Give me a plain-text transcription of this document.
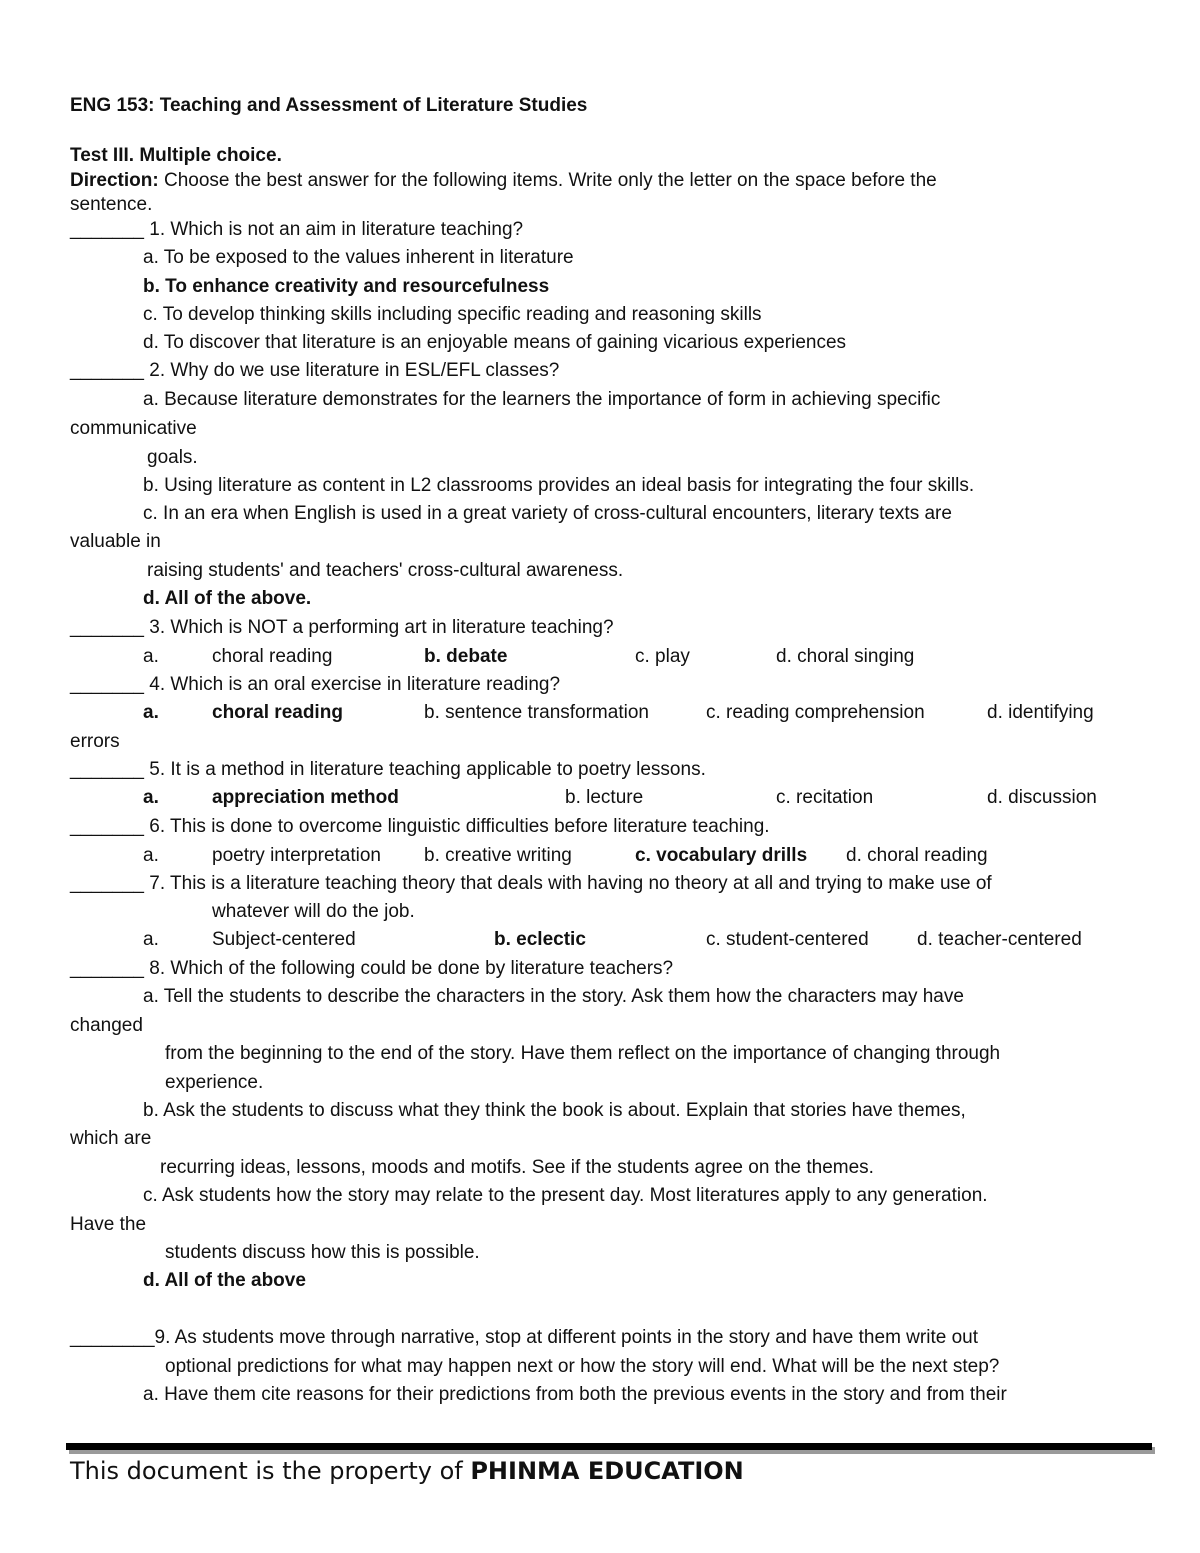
ENG 153: Teaching and Assessment of Literature Studies
Test III. Multiple choice.
Direction: Choose the best answer for the following items. Write only the letter on the space before the
sentence.
_______ 1. Which is not an aim in literature teaching?
a. To be exposed to the values inherent in literature
b. To enhance creativity and resourcefulness
c. To develop thinking skills including specific reading and reasoning skills
d. To discover that literature is an enjoyable means of gaining vicarious experiences
_______ 2. Why do we use literature in ESL/EFL classes?
a. Because literature demonstrates for the learners the importance of form in achieving specific
communicative
goals.
b. Using literature as content in L2 classrooms provides an ideal basis for integrating the four skills.
c. In an era when English is used in a great variety of cross-cultural encounters, literary texts are
valuable in
raising students' and teachers' cross-cultural awareness.
d. All of the above.
_______ 3. Which is NOT a performing art in literature teaching?
a.	choral reading	b. debate	c. play	d. choral singing
_______ 4. Which is an oral exercise in literature reading?
a.	choral reading	b. sentence transformation	c. reading comprehension	d. identifying
errors
_______ 5. It is a method in literature teaching applicable to poetry lessons.
a.	appreciation method	b. lecture	c. recitation	d. discussion
_______ 6. This is done to overcome linguistic difficulties before literature teaching.
a.	poetry interpretation b. creative writing	c. vocabulary drills d. choral reading
_______ 7. This is a literature teaching theory that deals with having no theory at all and trying to make use of
whatever will do the job.
a.	Subject-centered	b. eclectic	c. student-centered	d. teacher-centered
_______ 8. Which of the following could be done by literature teachers?
a. Tell the students to describe the characters in the story. Ask them how the characters may have
changed
from the beginning to the end of the story. Have them reflect on the importance of changing through
experience.
b. Ask the students to discuss what they think the book is about. Explain that stories have themes,
which are
recurring ideas, lessons, moods and motifs. See if the students agree on the themes.
c. Ask students how the story may relate to the present day. Most literatures apply to any generation.
Have the
students discuss how this is possible.
d. All of the above
________9. As students move through narrative, stop at different points in the story and have them write out
optional predictions for what may happen next or how the story will end. What will be the next step?
a. Have them cite reasons for their predictions from both the previous events in the story and from their
This document is the property of PHINMA EDUCATION
